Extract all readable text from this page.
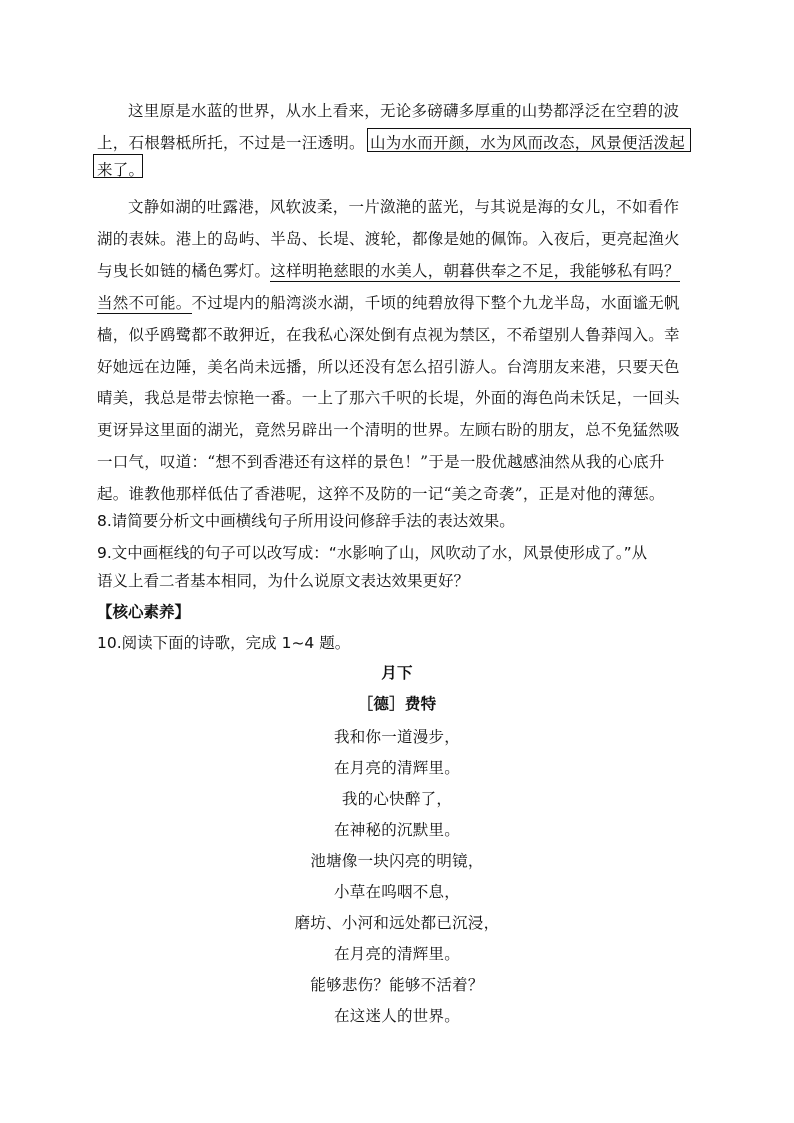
这里原是水蓝的世界，从水上看来，无论多磅礴多厚重的山势都浮泛在空碧的波
上，石根磐柢所托，不过是一汪透明。 山为水而开颜，水为风而改态，风景便活泼起
来了。
文静如湖的吐露港，风软波柔，一片潋滟的蓝光，与其说是海的女儿，不如看作
湖的表妹。港上的岛屿、半岛、长堤、渡轮，都像是她的佩饰。入夜后，更亮起渔火
与曳长如链的橘色雾灯。这样明艳慈眼的水美人，朝暮供奉之不足，我能够私有吗？
当然不可能。不过堤内的船湾淡水湖，千顷的纯碧放得下整个九龙半岛，水面谧无帆
樯，似乎鸥鹭都不敢狎近，在我私心深处倒有点视为禁区，不希望别人鲁莽闯入。幸
好她远在边陲，美名尚未远播，所以还没有怎么招引游人。台湾朋友来港，只要天色
晴美，我总是带去惊艳一番。一上了那六千呎的长堤，外面的海色尚未饫足，一回头
更讶异这里面的湖光，竟然另辟出一个清明的世界。左顾右盼的朋友，总不免猛然吸
一口气，叹道：“想不到香港还有这样的景色！”于是一股优越感油然从我的心底升
起。谁教他那样低估了香港呢，这猝不及防的一记“美之奇袭”，正是对他的薄惩。
8.请简要分析文中画横线句子所用设问修辞手法的表达效果。
9.文中画框线的句子可以改写成：“水影响了山，风吹动了水，风景使形成了。”从
语义上看二者基本相同，为什么说原文表达效果更好？
【核心素养】
10.阅读下面的诗歌，完成 1~4 题。
月下
［德］费特
我和你一道漫步，
在月亮的清辉里。
我的心快醉了，
在神秘的沉默里。
池塘像一块闪亮的明镜，
小草在呜咽不息，
磨坊、小河和远处都已沉浸，
在月亮的清辉里。
能够悲伤？能够不活着？
在这迷人的世界。
